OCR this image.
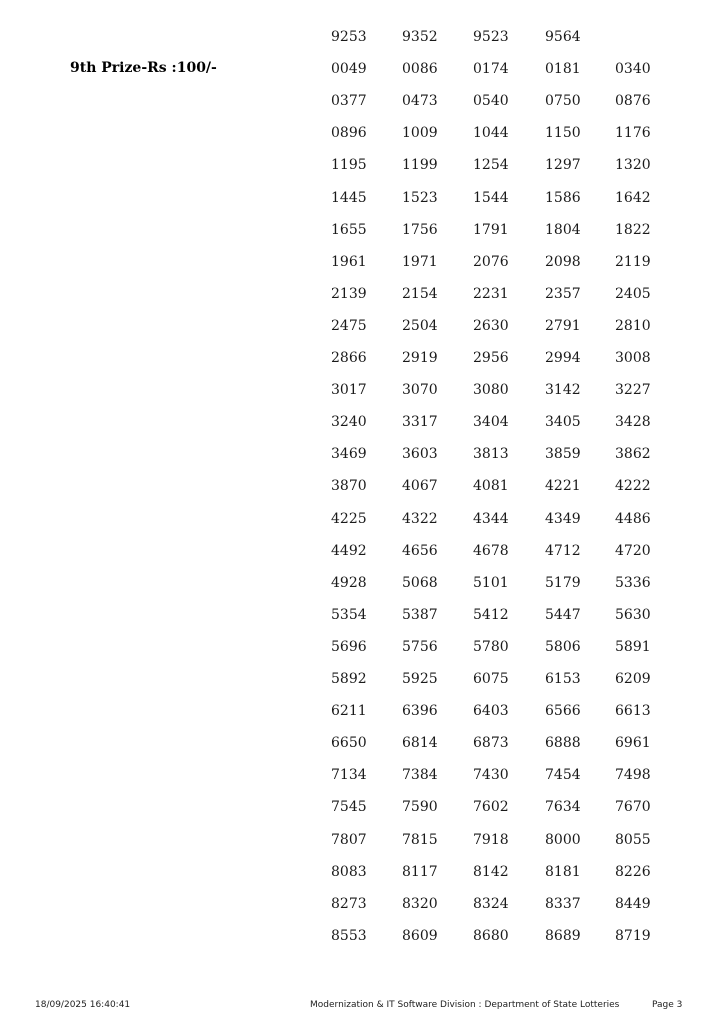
9th Prize-Rs :100/-
9253	9352	9523	9564
0049	0086	0174	0181 0340
0377	0473	0540	0750 0876
0896	1009	1044	1150 1176
1195	1199	1254	1297 1320
1445	1523	1544	1586 1642
1655	1756	1791	1804 1822
1961	1971	2076	2098 2119
2139	2154	2231	2357 2405
2475	2504	2630	2791 2810
2866	2919	2956	2994 3008
3017	3070	3080	3142 3227
3240	3317	3404	3405 3428
3469	3603	3813	3859 3862
3870	4067	4081	4221 4222
4225	4322	4344	4349 4486
4492	4656	4678	4712 4720
4928	5068	5101	5179 5336
5354	5387	5412	5447 5630
5696	5756	5780	5806 5891
5892	5925	6075	6153 6209
6211	6396	6403	6566 6613
6650	6814	6873	6888 6961
7134	7384	7430	7454 7498
7545	7590	7602	7634 7670
7807	7815	7918	8000 8055
8083	8117	8142	8181 8226
8273	8320	8324	8337 8449
8553	8609	8680	8689 8719
18/09/2025 16:40:41	Modernization & IT Software Division : Department of State Lotteries	Page 3
